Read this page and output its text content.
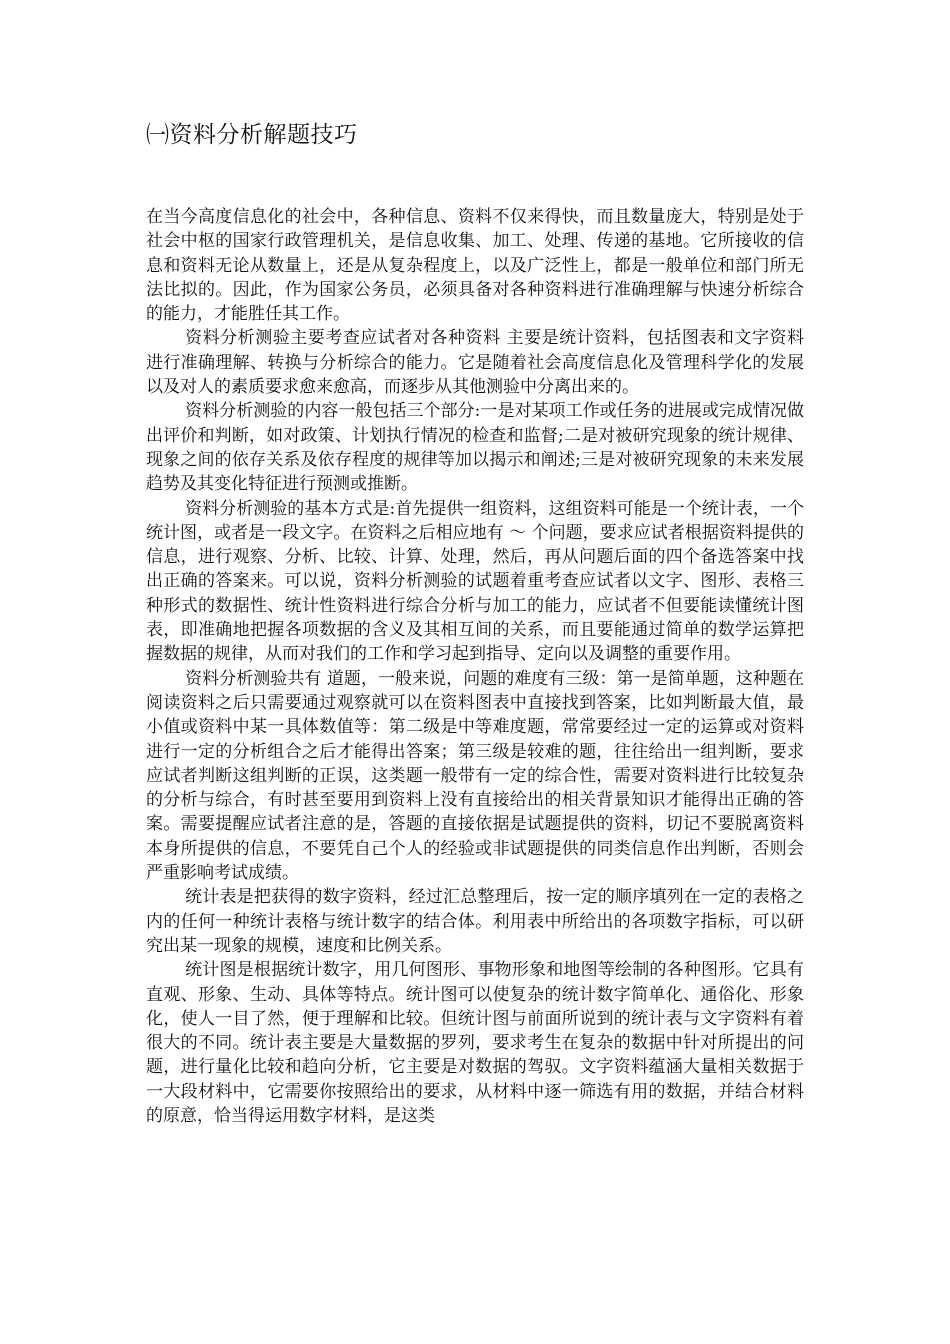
㈠资料分析解题技巧

在当今高度信息化的社会中，各种信息、资料不仅来得快，而且数量庞大，特别是处于社会中枢的国家行政管理机关，是信息收集、加工、处理、传递的基地。它所接收的信息和资料无论从数量上，还是从复杂程度上，以及广泛性上，都是一般单位和部门所无法比拟的。因此，作为国家公务员，必须具备对各种资料进行准确理解与快速分析综合的能力，才能胜任其工作。

资料分析测验主要考查应试者对各种资料 主要是统计资料，包括图表和文字资料 进行准确理解、转换与分析综合的能力。它是随着社会高度信息化及管理科学化的发展以及对人的素质要求愈来愈高，而逐步从其他测验中分离出来的。

资料分析测验的内容一般包括三个部分:一是对某项工作或任务的进展或完成情况做出评价和判断，如对政策、计划执行情况的检查和监督;二是对被研究现象的统计规律、现象之间的依存关系及依存程度的规律等加以揭示和阐述;三是对被研究现象的未来发展趋势及其变化特征进行预测或推断。

资料分析测验的基本方式是:首先提供一组资料，这组资料可能是一个统计表，一个统计图，或者是一段文字。在资料之后相应地有 ～ 个问题，要求应试者根据资料提供的信息，进行观察、分析、比较、计算、处理，然后，再从问题后面的四个备选答案中找出正确的答案来。可以说，资料分析测验的试题着重考查应试者以文字、图形、表格三种形式的数据性、统计性资料进行综合分析与加工的能力，应试者不但要能读懂统计图表，即准确地把握各项数据的含义及其相互间的关系，而且要能通过简单的数学运算把握数据的规律，从而对我们的工作和学习起到指导、定向以及调整的重要作用。

资料分析测验共有 道题，一般来说，问题的难度有三级：第一是简单题，这种题在阅读资料之后只需要通过观察就可以在资料图表中直接找到答案，比如判断最大值，最小值或资料中某一具体数值等：第二级是中等难度题，常常要经过一定的运算或对资料进行一定的分析组合之后才能得出答案；第三级是较难的题，往往给出一组判断，要求应试者判断这组判断的正误，这类题一般带有一定的综合性，需要对资料进行比较复杂的分析与综合，有时甚至要用到资料上没有直接给出的相关背景知识才能得出正确的答案。需要提醒应试者注意的是，答题的直接依据是试题提供的资料，切记不要脱离资料本身所提供的信息，不要凭自己个人的经验或非试题提供的同类信息作出判断，否则会严重影响考试成绩。

统计表是把获得的数字资料，经过汇总整理后，按一定的顺序填列在一定的表格之内的任何一种统计表格与统计数字的结合体。利用表中所给出的各项数字指标，可以研究出某一现象的规模，速度和比例关系。

统计图是根据统计数字，用几何图形、事物形象和地图等绘制的各种图形。它具有直观、形象、生动、具体等特点。统计图可以使复杂的统计数字简单化、通俗化、形象化，使人一目了然，便于理解和比较。但统计图与前面所说到的统计表与文字资料有着很大的不同。统计表主要是大量数据的罗列，要求考生在复杂的数据中针对所提出的问题，进行量化比较和趋向分析，它主要是对数据的驾驭。文字资料蕴涵大量相关数据于一大段材料中，它需要你按照给出的要求，从材料中逐一筛选有用的数据，并结合材料的原意，恰当得运用数字材料，是这类
